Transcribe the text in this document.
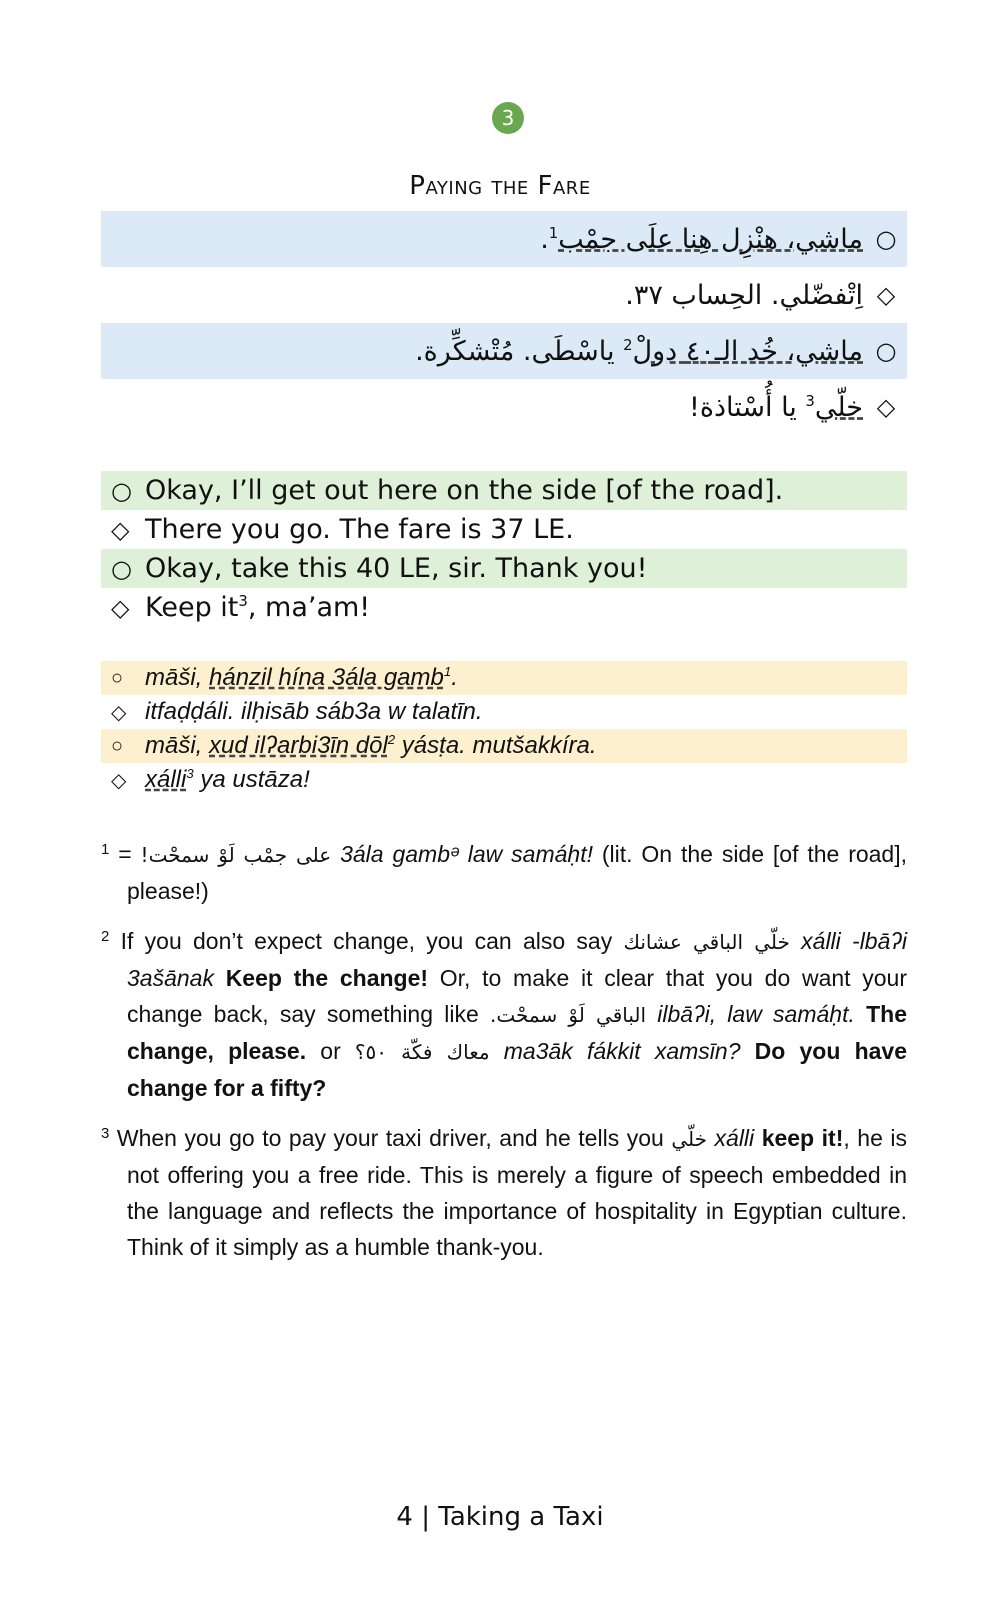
3
Paying the Fare
○
ماشي، هنْزِل هِنا علَى جمْب$^1$.
◇
اِتْفضّلي. الحِساب ٣٧.
○
ماشي، خُد الـ٤٠ دولْ$^2$ ياسْطَى. مُتْشكِّرة.
◇
خلّي$^3$ يا أُسْتاذة!
○ Okay, I’ll get out here on the side [of the road].
◇ There you go. The fare is 37 LE.
○ Okay, take this 40 LE, sir. Thank you!
◇ Keep $it^3$, ma’am!
○ māši, hánzil hína 3ála gamb$^1$.
◇ itfaḍḍáli. ilḥisāb sáb3a w talatīn.
○ māši, xud ilʔarbi3īn dōl$^2$ yásṭa. mutšakkíra.
◇ xálli$^3$ ya ustāza!
$^1$ = على جمْب لَوْ سمحْت! 3ála gambᵊ law samáḥt! (lit. On the side [of the road], please!)
$^2$ If you don’t expect change, you can also say خلّي الباقي عشانك xálli -lbāʔi 3ašānak Keep the change! Or, to make it clear that you do want your change back, say something like الباقي لَوْ سمحْت. ilbāʔi, law samáḥt. The change, please. or معاك فكّة ٥٠؟ ma3āk fákkit xamsīn? Do you have change for a fifty?
$^3$ When you go to pay your taxi driver, and he tells you خلّي xálli keep it!, he is not offering you a free ride. This is merely a figure of speech embedded in the language and reflects the importance of hospitality in Egyptian culture. Think of it simply as a humble thank-you.
4 | Taking a Taxi
